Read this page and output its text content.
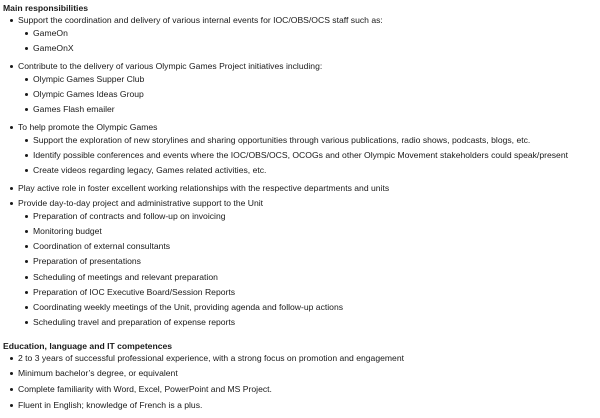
Main responsibilities
Support the coordination and delivery of various internal events for IOC/OBS/OCS staff such as:
GameOn
GameOnX
Contribute to the delivery of various Olympic Games Project initiatives including:
Olympic Games Supper Club
Olympic Games Ideas Group
Games Flash emailer
To help promote the Olympic Games
Support the exploration of new storylines and sharing opportunities through various publications, radio shows, podcasts, blogs, etc.
Identify possible conferences and events where the IOC/OBS/OCS, OCOGs and other Olympic Movement stakeholders could speak/present
Create videos regarding legacy, Games related activities, etc.
Play active role in foster excellent working relationships with the respective departments and units
Provide day-to-day project and administrative support to the Unit
Preparation of contracts and follow-up on invoicing
Monitoring budget
Coordination of external consultants
Preparation of presentations
Scheduling of meetings and relevant preparation
Preparation of IOC Executive Board/Session Reports
Coordinating weekly meetings of the Unit, providing agenda and follow-up actions
Scheduling travel and preparation of expense reports
Education, language and IT competences
2 to 3 years of successful professional experience, with a strong focus on promotion and engagement
Minimum bachelor’s degree, or equivalent
Complete familiarity with Word, Excel, PowerPoint and MS Project.
Fluent in English; knowledge of French is a plus.
